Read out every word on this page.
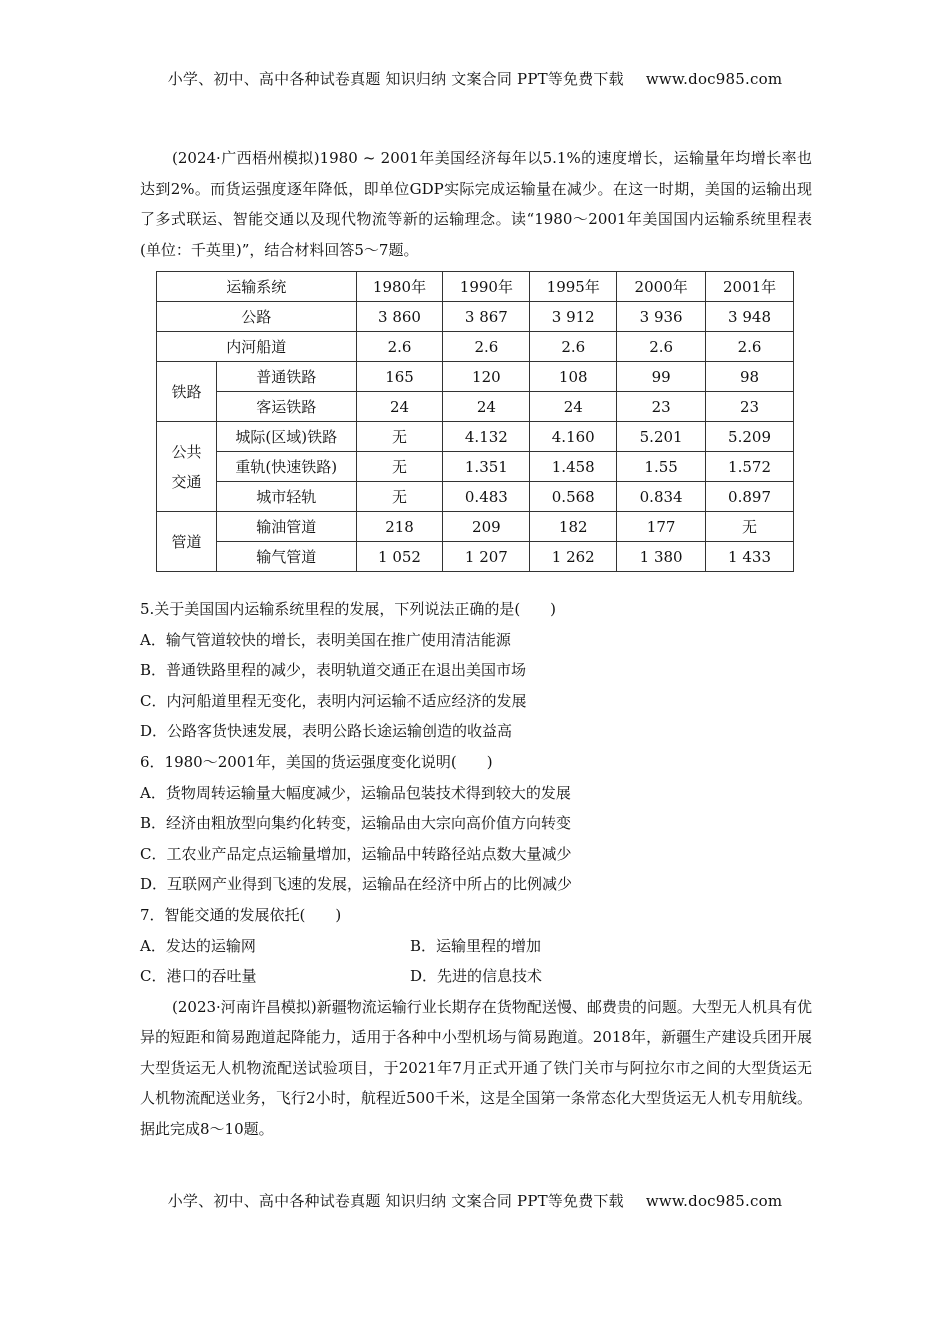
小学、初中、高中各种试卷真题 知识归纳 文案合同 PPT等免费下载 www.doc985.com

(2024·广西梧州模拟)1980 ~ 2001年美国经济每年以5.1%的速度增长，运输量年均增长率也达到2%。而货运强度逐年降低，即单位GDP实际完成运输量在减少。在这一时期，美国的运输出现了多式联运、智能交通以及现代物流等新的运输理念。读“1980～2001年美国国内运输系统里程表(单位：千英里)”，结合材料回答5～7题。

运输系统		1980年	1990年	1995年	2000年	2001年
公路		3 860	3 867	3 912	3 936	3 948
内河船道		2.6	2.6	2.6	2.6	2.6
铁路	普通铁路	165	120	108	99	98
	客运铁路	24	24	24	23	23
公共交通	城际(区域)铁路	无	4.132	4.160	5.201	5.209
	重轨(快速铁路)	无	1.351	1.458	1.55	1.572
	城市轻轨	无	0.483	0.568	0.834	0.897
管道	输油管道	218	209	182	177	无
	输气管道	1 052	1 207	1 262	1 380	1 433

5.关于美国国内运输系统里程的发展，下列说法正确的是(　　)

A．输气管道较快的增长，表明美国在推广使用清洁能源

B．普通铁路里程的减少，表明轨道交通正在退出美国市场

C．内河船道里程无变化，表明内河运输不适应经济的发展

D．公路客货快速发展，表明公路长途运输创造的收益高

6．1980～2001年，美国的货运强度变化说明(　　)

A．货物周转运输量大幅度减少，运输品包装技术得到较大的发展

B．经济由粗放型向集约化转变，运输品由大宗向高价值方向转变

C．工农业产品定点运输量增加，运输品中转路径站点数大量减少

D．互联网产业得到飞速的发展，运输品在经济中所占的比例减少

7．智能交通的发展依托(　　)

A．发达的运输网	B．运输里程的增加

C．港口的吞吐量	D．先进的信息技术

(2023·河南许昌模拟)新疆物流运输行业长期存在货物配送慢、邮费贵的问题。大型无人机具有优异的短距和简易跑道起降能力，适用于各种中小型机场与简易跑道。2018年，新疆生产建设兵团开展大型货运无人机物流配送试验项目，于2021年7月正式开通了铁门关市与阿拉尔市之间的大型货运无人机物流配送业务，飞行2小时，航程近500千米，这是全国第一条常态化大型货运无人机专用航线。据此完成8～10题。

小学、初中、高中各种试卷真题 知识归纳 文案合同 PPT等免费下载 www.doc985.com
